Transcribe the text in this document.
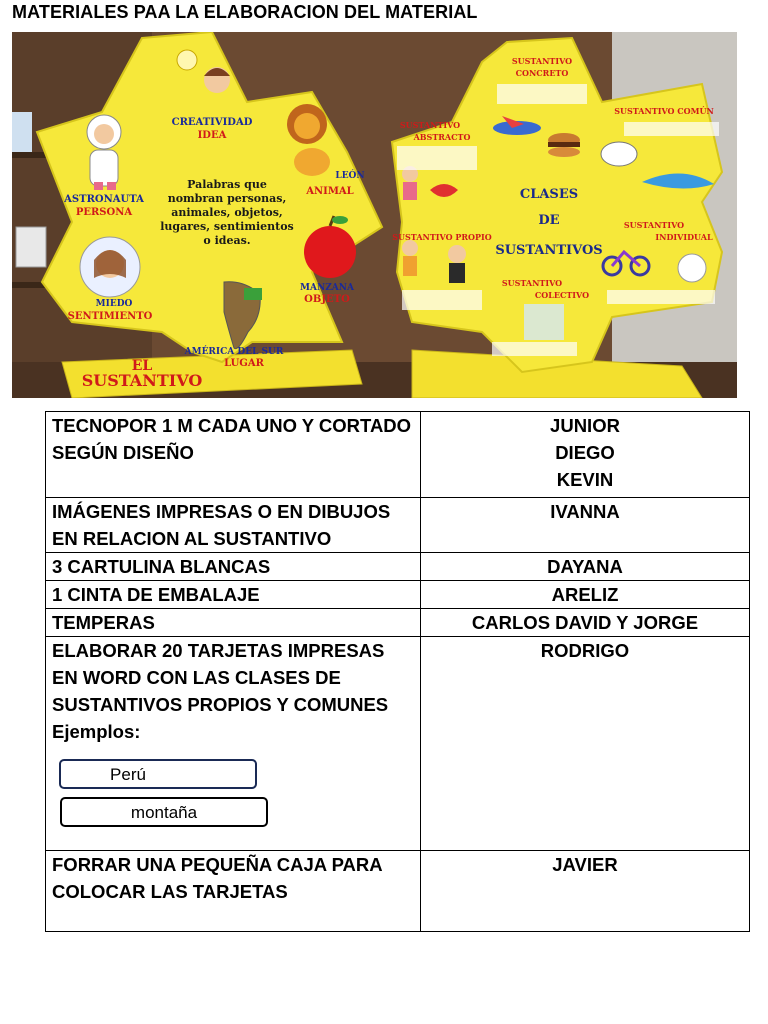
MATERIALES PAA LA ELABORACION DEL MATERIAL
CREATIVIDAD
IDEA
ASTRONAUTA
PERSONA
LEÓN
ANIMAL
MIEDO
SENTIMIENTO
MANZANA
OBJETO
AMÉRICA DEL SUR
LUGAR
Palabras que
nombran personas,
animales, objetos,
lugares, sentimientos
o ideas.
EL
SUSTANTIVO
SUSTANTIVO
CONCRETO
SUSTANTIVO
ABSTRACTO
SUSTANTIVO COMÚN
SUSTANTIVO PROPIO
SUSTANTIVO
INDIVIDUAL
SUSTANTIVO
COLECTIVO
CLASES
DE
SUSTANTIVOS
TECNOPOR 1 M CADA UNO Y CORTADO SEGÚN DISEÑO	JUNIOR
DIEGO
KEVIN

IMÁGENES IMPRESAS O EN DIBUJOS EN RELACION AL SUSTANTIVO	IVANNA
3 CARTULINA BLANCAS	DAYANA
1 CINTA DE EMBALAJE	ARELIZ
TEMPERAS	CARLOS DAVID Y JORGE

ELABORAR 20 TARJETAS IMPRESAS EN WORD CON LAS CLASES DE SUSTANTIVOS PROPIOS Y COMUNES
Ejemplos:
Perú
montaña	RODRIGO
FORRAR UNA PEQUEÑA CAJA PARA COLOCAR LAS TARJETAS	JAVIER
